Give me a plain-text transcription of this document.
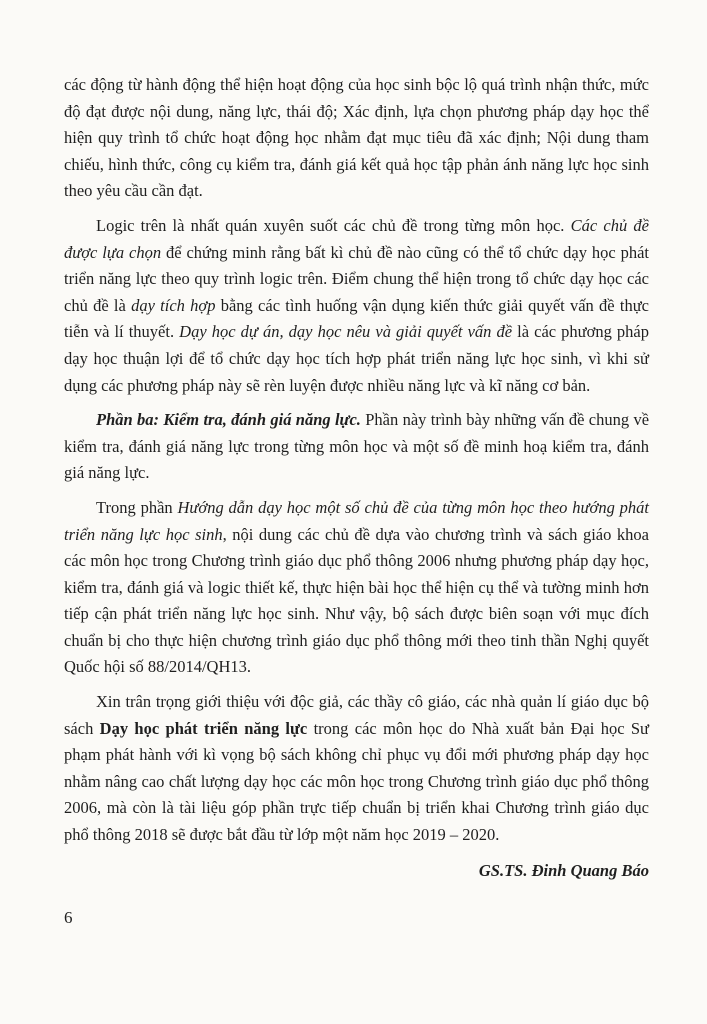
các động từ hành động thể hiện hoạt động của học sinh bộc lộ quá trình nhận thức, mức độ đạt được nội dung, năng lực, thái độ; Xác định, lựa chọn phương pháp dạy học thể hiện quy trình tổ chức hoạt động học nhằm đạt mục tiêu đã xác định; Nội dung tham chiếu, hình thức, công cụ kiểm tra, đánh giá kết quả học tập phản ánh năng lực học sinh theo yêu cầu cần đạt.

Logic trên là nhất quán xuyên suốt các chủ đề trong từng môn học. Các chủ đề được lựa chọn để chứng minh rằng bất kì chủ đề nào cũng có thể tổ chức dạy học phát triển năng lực theo quy trình logic trên. Điểm chung thể hiện trong tổ chức dạy học các chủ đề là dạy tích hợp bằng các tình huống vận dụng kiến thức giải quyết vấn đề thực tiễn và lí thuyết. Dạy học dự án, dạy học nêu và giải quyết vấn đề là các phương pháp dạy học thuận lợi để tổ chức dạy học tích hợp phát triển năng lực học sinh, vì khi sử dụng các phương pháp này sẽ rèn luyện được nhiều năng lực và kĩ năng cơ bản.

Phần ba: Kiểm tra, đánh giá năng lực. Phần này trình bày những vấn đề chung về kiểm tra, đánh giá năng lực trong từng môn học và một số đề minh hoạ kiểm tra, đánh giá năng lực.

Trong phần Hướng dẫn dạy học một số chủ đề của từng môn học theo hướng phát triển năng lực học sinh, nội dung các chủ đề dựa vào chương trình và sách giáo khoa các môn học trong Chương trình giáo dục phổ thông 2006 nhưng phương pháp dạy học, kiểm tra, đánh giá và logic thiết kế, thực hiện bài học thể hiện cụ thể và tường minh hơn tiếp cận phát triển năng lực học sinh. Như vậy, bộ sách được biên soạn với mục đích chuẩn bị cho thực hiện chương trình giáo dục phổ thông mới theo tinh thần Nghị quyết Quốc hội số 88/2014/QH13.

Xin trân trọng giới thiệu với độc giả, các thầy cô giáo, các nhà quản lí giáo dục bộ sách Dạy học phát triển năng lực trong các môn học do Nhà xuất bản Đại học Sư phạm phát hành với kì vọng bộ sách không chỉ phục vụ đổi mới phương pháp dạy học nhằm nâng cao chất lượng dạy học các môn học trong Chương trình giáo dục phổ thông 2006, mà còn là tài liệu góp phần trực tiếp chuẩn bị triển khai Chương trình giáo dục phổ thông 2018 sẽ được bắt đầu từ lớp một năm học 2019 – 2020.

GS.TS. Đinh Quang Báo
6
